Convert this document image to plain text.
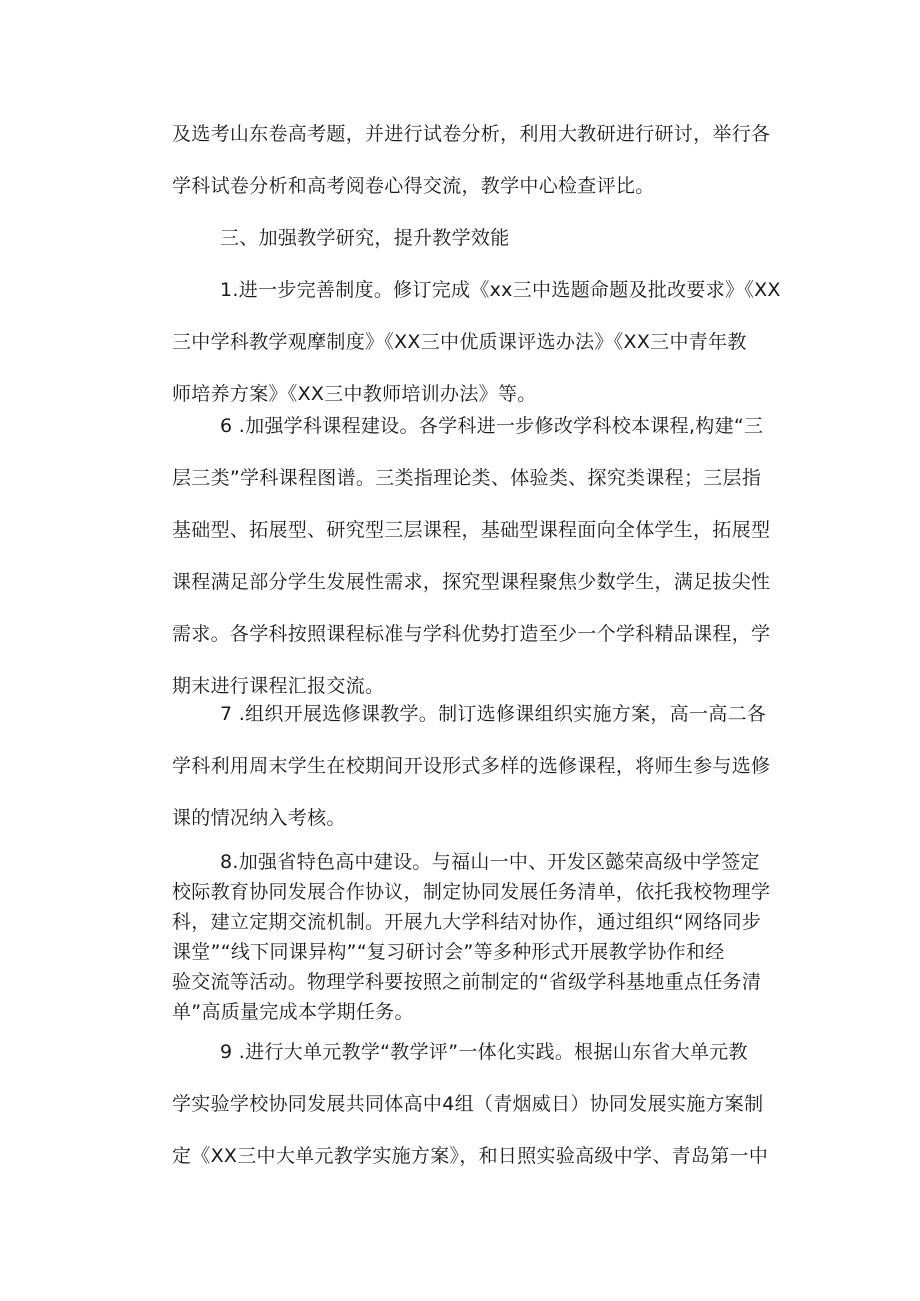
及选考山东卷高考题，并进行试卷分析，利用大教研进行研讨，举行各
学科试卷分析和高考阅卷心得交流，教学中心检查评比。

三、加强教学研究，提升教学效能

1.进一步完善制度。修订完成《xx三中选题命题及批改要求》《XX
三中学科教学观摩制度》《XX三中优质课评选办法》《XX三中青年教
师培养方案》《XX三中教师培训办法》等。

6 .加强学科课程建设。各学科进一步修改学科校本课程,构建“三
层三类”学科课程图谱。三类指理论类、体验类、探究类课程；三层指
基础型、拓展型、研究型三层课程，基础型课程面向全体学生，拓展型
课程满足部分学生发展性需求，探究型课程聚焦少数学生，满足拔尖性
需求。各学科按照课程标准与学科优势打造至少一个学科精品课程，学
期末进行课程汇报交流。

7 .组织开展选修课教学。制订选修课组织实施方案，高一高二各
学科利用周末学生在校期间开设形式多样的选修课程，将师生参与选修
课的情况纳入考核。

8.加强省特色高中建设。与福山一中、开发区懿荣高级中学签定
校际教育协同发展合作协议，制定协同发展任务清单，依托我校物理学
科，建立定期交流机制。开展九大学科结对协作，通过组织“网络同步
课堂”“线下同课异构”“复习研讨会”等多种形式开展教学协作和经
验交流等活动。物理学科要按照之前制定的“省级学科基地重点任务清
单”高质量完成本学期任务。

9 .进行大单元教学“教学评”一体化实践。根据山东省大单元教
学实验学校协同发展共同体高中4组（青烟威日）协同发展实施方案制
定《XX三中大单元教学实施方案》，和日照实验高级中学、青岛第一中
